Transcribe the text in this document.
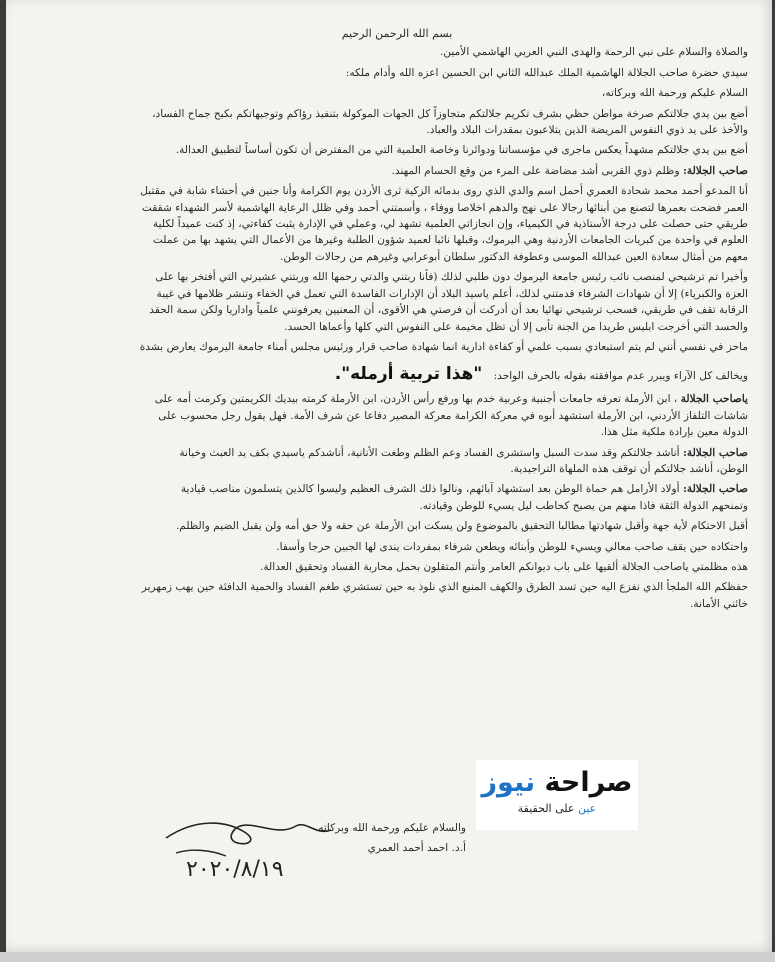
بسم الله الرحمن الرحيم
والصلاة والسلام على نبي الرحمة والهدى النبي العربي الهاشمي الأمين.
سيدي حضرة صاحب الجلالة الهاشمية الملك عبدالله الثاني ابن الحسين اعزه الله وأدام ملكه:
السلام عليكم ورحمة الله وبركاته،
أضع بين يدي جلالتكم صرخة مواطن حظي بشرف تكريم جلالتكم متجاوزاً كل الجهات الموكولة بتنفيذ رؤاكم وتوجيهاتكم بكبح جماح الفساد،
والأخذ على يد ذوي النفوس المريضة الذين يتلاعبون بمقدرات البلاد والعباد.
أضع بين يدي جلالتكم مشهداً يعكس ماجرى في مؤسساتنا ودوائرنا وخاصة العلمية التي من المفترض أن تكون أساساً لتطبيق العدالة.
صاحب الجلالة: وظلم ذوي القربى أشد مضاضة على المرء من وقع الحسام المهند.
أنا المدعو أحمد محمد شحادة العمري أحمل اسم والدي الذي روى بدمائه الزكية ثرى الأردن يوم الكرامة وأنا جنين في أحشاء شابة في مقتبل
العمر فضحت بعمرها لتصنع من أبنائها رجالا على نهج والدهم اخلاصا ووفاء ، وأسمتني أحمد وفي ظلل الرعاية الهاشمية لأسر الشهداء شققت
طريقي حتى حصلت على درجة الأستاذية في الكيمياء، وإن انجازاتي العلمية تشهد لي، وعملي في الإدارة يثبت كفاءتي، إذ كنت عميداً لكلية
العلوم في واحدة من كبريات الجامعات الأردنية وهي اليرموك، وقبلها نائبا لعميد شؤون الطلبة وغيرها من الأعمال التي يشهد بها من عملت
معهم من أمثال سعادة العين عبدالله الموسى وعطوفة الدكتور سلطان أبوعرابي وغيرهم من رجالات الوطن.
وأخيرا تم ترشيحي لمنصب نائب رئيس جامعة اليرموك دون طلبي لذلك (فأنا ربتني والدتي رحمها الله وربتني عشيرتي التي أفتخر بها على
العزة والكبرياء) إلا أن شهادات الشرفاء قدمتني لذلك، أعلم ياسيد البلاد أن الإدارات الفاسدة التي تعمل في الخفاء وتنشر ظلامها في غيبة
الرقابة تقف في طريقي، فسحب ترشيحي نهائيا بعد أن أدركت أن فرصتي هي الأقوى، أن المعنيين يعرفونني علمياً واداريا ولكن سمة الحقد
والحسد التي أخرجت ابليس طريدا من الجنة تأبى إلا أن تظل مخيمة على النفوس التي كلها وأعماها الحسد.
ماحز في نفسي أنني لم يتم استبعادي بسبب علمي أو كفاءة ادارية انما شهادة صاحب قرار ورئيس مجلس أمناء جامعة اليرموك يعارض بشدة
ويخالف كل الآراء ويبرر عدم موافقته بقوله بالحرف الواحد: "هذا تربية أرمله".
ياصاحب الجلالة ، ابن الأرملة تعرفه جامعات أجنبية وعربية خدم بها ورفع رأس الأردن، ابن الأرملة كرمته بيديك الكريمتين وكرمت أمه على
شاشات التلفاز الأردني، ابن الأرملة استشهد أبوه في معركة الكرامة معركة المصير دفاعا عن شرف الأمة. فهل يقول رجل محسوب على
الدولة معين بإرادة ملكية مثل هذا.
صاحب الجلالة: أناشد جلالتكم وقد سدت السبل واستشرى الفساد وعم الظلم وطغت الأنانية، أناشدكم ياسيدي بكف يد العبث وخيانة
الوطن، أناشد جلالتكم أن توقف هذه الملهاة التراجيدية.
صاحب الجلالة: أولاد الأرامل هم حماة الوطن بعد استشهاد آبائهم، ونالوا ذلك الشرف العظيم وليسوا كالذين يتسلمون مناصب قيادية
وتمنحهم الدولة الثقة فاذا منهم من يصبح كحاطب ليل يسيء للوطن وقيادته.
أقبل الاحتكام لأية جهة وأقبل شهادتها مطالبا التحقيق بالموضوع ولن يسكت ابن الأرملة عن حقه ولا حق أمه ولن يقبل الضيم والظلم.
واحتكاده حين يقف صاحب معالي ويسيء للوطن وأبنائه ويطعن شرفاء بمفردات يندى لها الجبين حرجا وأسفا.
هذه مظلمتي ياصاحب الجلالة ألقيها على باب ديوانكم العامر وأنتم المتقلون بحمل محاربة الفساد وتحقيق العدالة.
حفظكم الله الملجأ الذي نفزع اليه حين تسد الطرق والكهف المنيع الذي نلوذ به حين تستشري طغم الفساد والحمية الدافئة حين يهب زمهرير
خائني الأمانة.
صراحة نيوز
عين على الحقيقة
والسلام عليكم ورحمة الله وبركاته
أ.د. احمد أحمد العمري
٢٠٢٠/٨/١٩
